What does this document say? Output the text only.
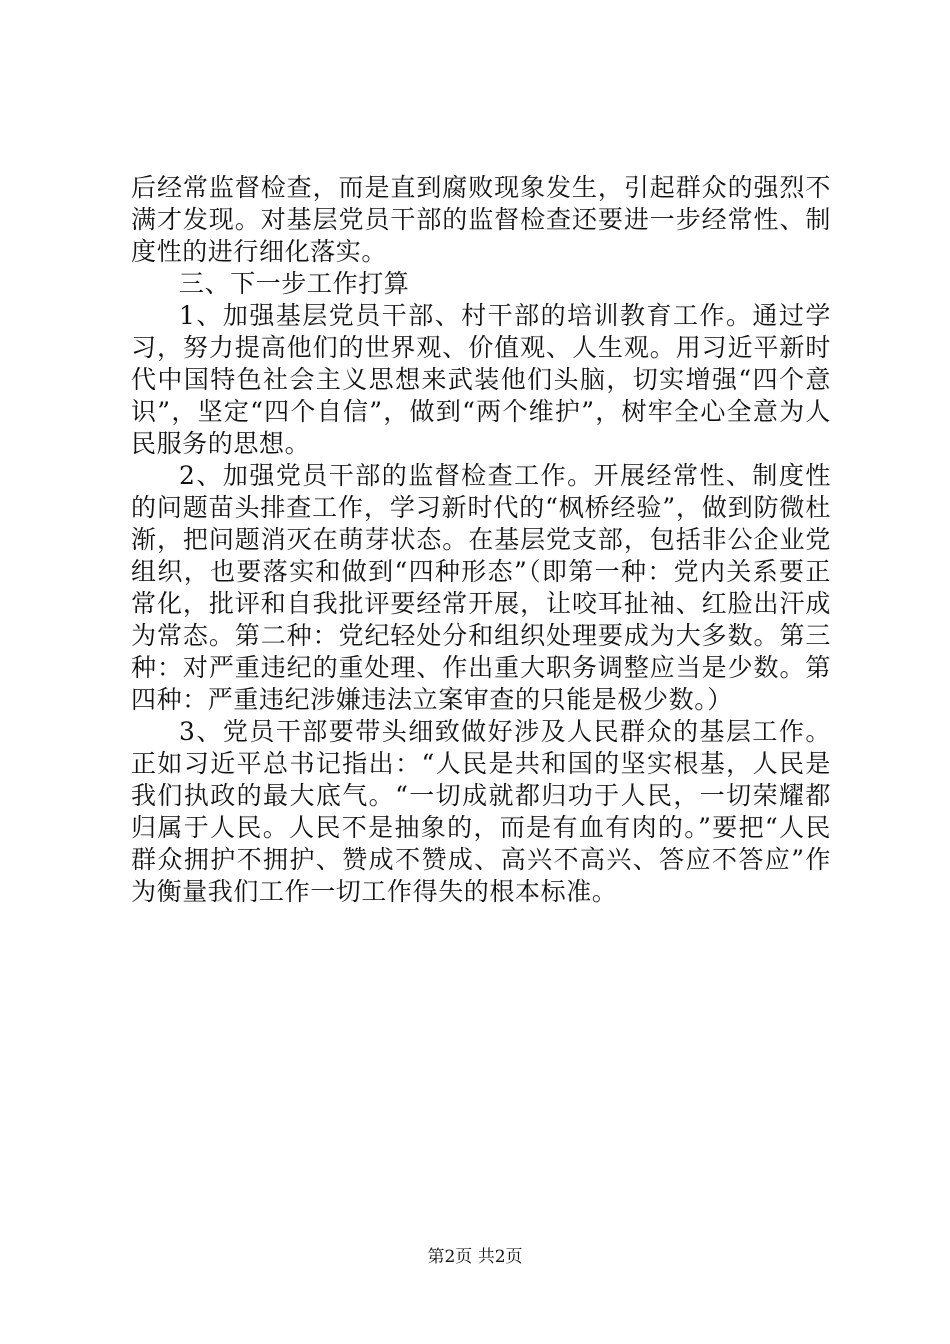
后经常监督检查，而是直到腐败现象发生，引起群众的强烈不满才发现。对基层党员干部的监督检查还要进一步经常性、制度性的进行细化落实。

三、下一步工作打算

1、加强基层党员干部、村干部的培训教育工作。通过学习，努力提高他们的世界观、价值观、人生观。用习近平新时代中国特色社会主义思想来武装他们头脑，切实增强“四个意识”，坚定“四个自信”，做到“两个维护”，树牢全心全意为人民服务的思想。

2、加强党员干部的监督检查工作。开展经常性、制度性的问题苗头排查工作，学习新时代的“枫桥经验”，做到防微杜渐，把问题消灭在萌芽状态。在基层党支部，包括非公企业党组织，也要落实和做到“四种形态”（即第一种：党内关系要正常化，批评和自我批评要经常开展，让咬耳扯袖、红脸出汗成为常态。第二种：党纪轻处分和组织处理要成为大多数。第三种：对严重违纪的重处理、作出重大职务调整应当是少数。第四种：严重违纪涉嫌违法立案审查的只能是极少数。）

3、党员干部要带头细致做好涉及人民群众的基层工作。正如习近平总书记指出：“人民是共和国的坚实根基，人民是我们执政的最大底气。“一切成就都归功于人民，一切荣耀都归属于人民。人民不是抽象的，而是有血有肉的。”要把“人民群众拥护不拥护、赞成不赞成、高兴不高兴、答应不答应”作为衡量我们工作一切工作得失的根本标准。

第2页 共2页
